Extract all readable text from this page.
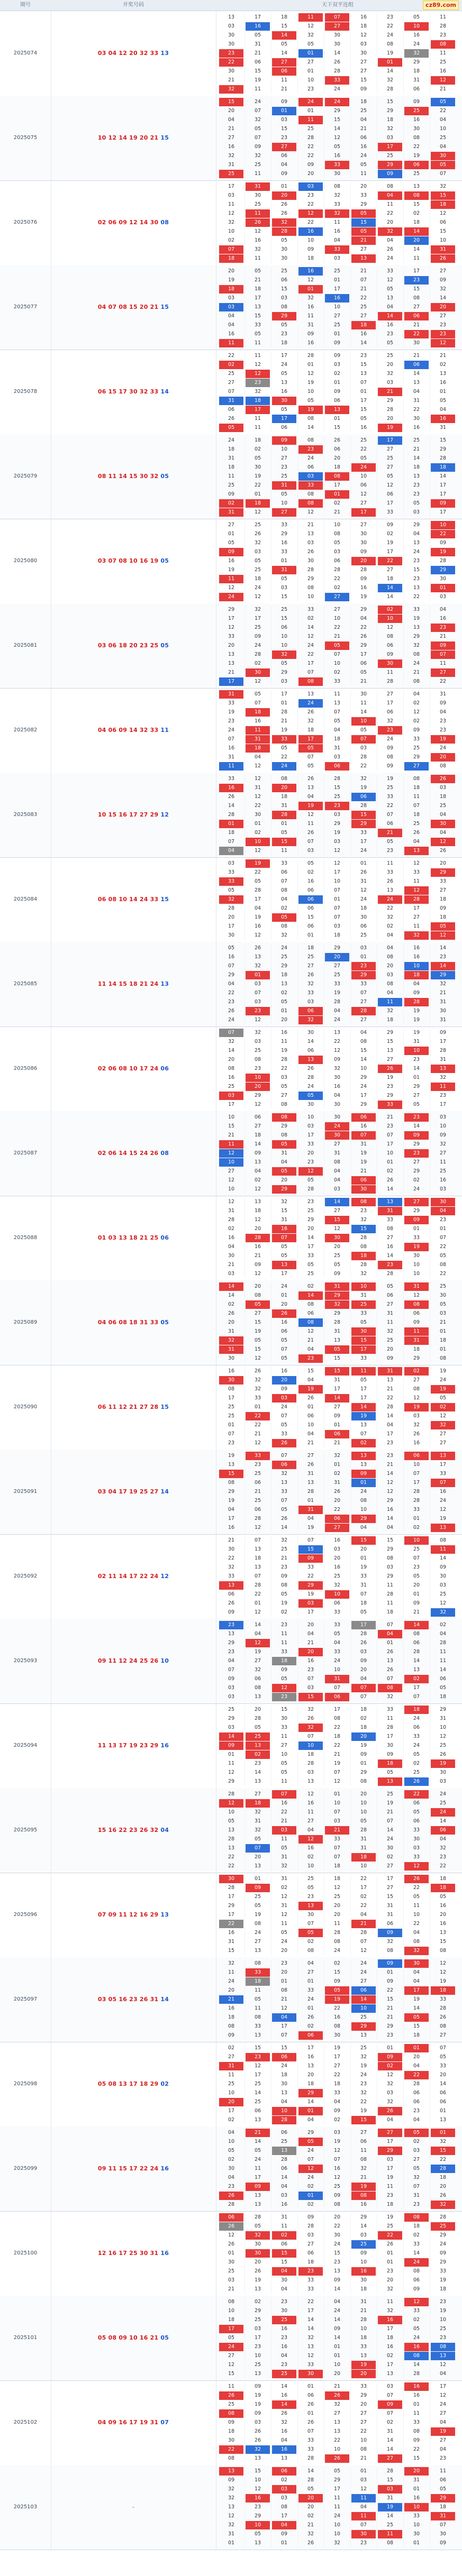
期号	开奖号码	天下双平连组	cz89.com
2025074	03 04 12 20 32 33 13
13	17	18	11	07	16	23	05	11
03	16	15	12	27	18	22	10	28
30	05	14	32	30	12	24	16	23
30	31	05	05	30	03	08	24	08
23	21	14	01	14	30	19	32	11
22	06	27	27	26	27	01	29	25
30	15	06	01	28	27	14	18	16
21	19	11	10	33	15	32	31	12
32	11	21	23	24	09	28	06	21
2025075	10 12 14 19 20 21 15
15	24	09	24	24	18	15	09	05
20	07	01	01	29	25	29	25	22
04	32	03	11	15	04	18	16	04
21	05	15	25	14	21	32	30	10
27	07	23	28	12	06	03	08	25
16	09	27	22	05	16	17	22	04
32	32	06	22	16	24	25	19	30
31	25	04	09	33	05	29	06	05
25	11	09	20	30	11	09	25	07
2025076	02 06 09 12 14 30 08
17	31	01	03	08	20	08	13	32
03	30	20	23	32	33	04	08	15
11	25	26	22	33	29	11	15	18
12	11	26	12	32	05	22	02	12
32	26	32	22	11	15	20	18	06
10	12	28	16	16	05	32	14	15
02	16	05	10	04	21	04	20	10
07	32	30	09	33	27	26	14	31
18	11	30	18	03	13	24	11	26
2025077	04 07 08 15 20 21 15
20	05	25	16	25	21	33	17	27
19	21	06	12	01	07	12	23	09
18	18	15	01	17	21	05	15	32
03	17	03	32	16	22	13	08	14
03	13	08	16	10	25	04	27	20
04	15	29	11	27	27	14	06	27
04	33	05	31	25	18	16	21	23
16	05	23	09	01	16	23	22	23
11	11	18	16	09	14	05	30	12
2025078	06 15 17 30 32 33 14
22	11	17	28	09	23	25	21	21
02	12	24	01	03	15	20	06	02
25	12	05	12	02	13	32	14	13
27	23	13	19	01	07	03	13	16
07	32	16	10	09	01	21	04	01
31	18	30	05	06	17	29	31	05
06	17	05	19	13	15	28	22	04
26	11	17	08	01	05	20	30	16
05	11	06	14	15	16	19	16	31
2025079	08 11 14 15 30 32 05
24	18	09	08	26	25	17	25	15
18	02	10	23	06	22	27	21	29
31	05	27	24	20	05	25	14	28
18	30	23	06	18	24	27	18	18
11	19	25	03	08	10	05	13	14
25	22	31	33	17	06	12	23	17
09	01	05	08	01	12	06	23	17
02	18	10	08	02	27	17	05	09
31	12	27	12	21	17	33	03	17
2025080	03 07 08 10 16 19 05
27	25	33	21	10	27	09	29	10
01	26	29	13	08	30	02	04	22
05	32	16	03	05	30	19	13	09
09	03	33	26	03	09	17	24	19
16	05	01	30	06	20	22	23	28
19	25	31	28	28	28	27	15	29
11	18	05	29	22	09	18	23	30
12	24	03	08	02	16	14	13	01
24	12	15	10	27	19	14	22	03
2025081	03 06 18 20 23 25 05
29	32	25	33	27	29	02	33	04
17	17	15	02	10	04	10	19	16
12	25	06	14	22	22	12	13	23
33	09	10	12	21	26	08	29	21
20	24	10	24	05	29	06	32	09
13	28	32	22	07	17	09	08	07
13	02	05	17	10	06	30	24	11
21	30	29	07	02	05	11	21	27
17	12	03	08	33	21	28	08	22
2025082	04 06 09 14 32 33 11
31	05	17	13	11	30	27	04	31
33	07	01	24	13	11	17	02	09
19	18	28	26	07	14	06	12	04
23	16	21	32	05	10	32	02	23
24	11	19	18	04	05	23	09	23
07	31	33	17	18	07	24	33	19
16	18	05	05	31	03	09	25	24
31	04	22	07	03	28	08	29	20
11	12	24	05	06	22	09	27	08
2025083	10 15 16 17 27 29 12
33	12	08	26	28	32	19	08	26
16	31	20	13	15	19	25	18	03
26	12	18	04	25	06	33	11	18
14	22	31	19	23	28	22	07	25
28	30	28	12	03	15	07	18	04
01	01	01	11	29	29	06	25	30
18	02	05	26	19	33	21	26	04
07	10	15	07	03	17	05	04	12
04	12	11	03	12	24	23	13	26
2025084	06 08 10 14 24 33 15
03	19	33	05	12	01	11	12	20
33	22	06	02	17	26	33	33	29
33	05	07	16	10	31	26	11	33
05	28	08	06	07	12	13	12	27
32	17	04	06	01	24	24	28	18
28	04	02	06	07	18	22	17	09
20	19	05	15	07	30	32	27	18
17	16	08	06	03	06	02	11	05
30	12	32	01	18	25	04	32	12
2025085	11 14 15 18 21 24 13
05	26	24	18	29	03	04	16	14
16	13	25	25	20	01	08	16	23
07	32	29	27	27	23	20	10	14
29	01	18	26	25	29	03	18	29
04	03	13	32	33	33	08	04	32
22	07	02	33	19	07	04	09	21
23	03	05	03	28	27	11	28	31
26	23	01	06	04	28	32	19	30
24	12	20	32	24	27	18	19	31
2025086	02 06 08 10 17 24 06
07	32	16	30	13	04	29	19	09
32	03	11	14	22	08	15	31	17
14	25	19	06	12	15	13	10	28
20	08	28	13	09	14	27	23	31
08	23	22	26	32	10	26	14	13
16	10	03	28	30	29	19	01	32
25	20	05	24	16	24	23	29	11
03	29	27	05	04	17	29	27	23
17	12	08	30	30	29	33	05	17
2025087	02 06 14 15 24 26 08
10	06	08	10	30	06	21	23	03
15	27	29	03	24	16	23	14	10
21	18	08	17	30	07	07	09	09
11	14	05	33	27	31	17	29	32
12	09	31	20	31	19	10	23	27
10	13	04	23	08	19	01	27	11
27	04	05	12	04	21	02	29	25
12	02	20	05	04	06	26	02	16
10	12	29	28	03	30	14	24	03
2025088	01 03 13 18 21 25 06
12	13	32	23	14	08	13	27	30
31	18	15	25	27	23	31	29	04
28	12	31	29	15	32	33	09	23
02	20	16	20	12	15	08	01	01
16	28	07	14	30	28	27	33	07
04	16	05	17	20	08	16	19	22
30	21	05	33	25	18	14	30	05
21	09	13	05	05	28	23	10	08
03	12	17	25	09	32	28	10	22
2025089	04 06 08 18 31 33 05
14	20	24	02	31	10	05	31	25
14	08	01	14	29	31	06	12	30
02	05	20	08	32	25	27	08	05
26	27	26	06	29	33	31	06	03
20	15	16	08	28	05	11	09	21
31	19	06	12	31	30	32	11	01
32	05	05	21	13	15	25	31	18
31	15	07	04	05	17	20	18	01
30	12	05	23	15	33	09	29	08
2025090	06 11 12 21 27 28 15
16	26	16	15	15	11	31	02	19
30	32	20	04	31	05	13	27	24
08	32	09	19	17	17	21	08	19
17	33	03	26	14	17	22	12	05
25	01	24	01	27	14	28	19	02
25	22	07	06	09	19	14	03	12
01	22	05	10	01	13	04	32	32
07	21	33	04	06	07	17	26	27
23	12	26	21	21	02	23	16	27
2025091	03 04 17 19 25 27 14
19	33	07	27	32	13	23	06	13
13	23	06	26	01	13	21	10	17
15	25	32	31	02	09	14	07	33
08	06	13	13	31	01	12	17	07
29	21	33	28	26	24	12	28	16
19	25	07	01	20	08	29	28	24
04	06	05	31	22	10	16	33	12
17	28	26	04	06	29	14	01	19
16	12	14	19	27	04	04	02	13
2025092	02 11 14 17 22 24 12
21	07	32	07	16	15	15	10	08
30	13	25	15	03	20	29	25	11
22	18	21	09	20	01	08	07	14
32	13	23	33	16	19	03	23	09
33	07	09	22	25	33	29	05	30
13	28	08	29	32	31	11	20	03
06	22	05	19	10	07	28	01	25
26	01	19	03	06	18	11	09	12
09	12	02	17	33	05	18	21	32
2025093	09 11 12 24 25 26 10
23	14	23	20	33	17	07	14	02
13	04	11	04	05	28	04	08	04
29	12	11	21	04	26	01	06	28
23	19	33	20	33	03	26	28	11
04	27	18	16	24	09	13	14	11
07	32	09	23	10	20	26	13	14
09	06	05	07	31	04	07	02	06
03	08	12	03	07	07	08	17	05
03	13	23	15	06	07	32	07	18
2025094	11 13 17 19 23 29 16
25	20	15	32	17	18	33	18	29
29	28	30	26	08	02	11	24	31
03	05	33	32	22	18	28	06	10
14	25	11	07	18	20	17	33	12
09	13	27	10	22	19	30	24	25
01	02	10	18	21	09	09	05	26
11	23	05	28	19	01	18	02	19
12	14	05	03	07	29	05	25	30
29	13	11	13	12	08	13	26	03
2025095	15 16 22 23 26 32 04
28	27	07	12	01	20	25	22	24
12	18	16	16	10	10	19	06	25
10	32	22	11	07	10	21	05	24
05	31	21	27	03	05	07	06	14
13	32	03	04	21	28	14	33	06
28	05	11	12	33	31	24	30	04
13	07	05	16	07	31	30	03	32
22	20	31	02	07	18	02	33	23
22	13	32	10	18	10	27	12	22
2025096	07 09 11 12 16 29 13
30	01	31	25	18	22	17	26	18
28	09	02	05	12	17	27	22	18
17	25	12	23	25	02	15	05	05
29	05	31	13	20	22	31	11	16
17	19	12	30	20	04	31	10	20
22	08	11	07	11	21	06	22	16
16	24	05	05	28	28	09	04	13
31	27	24	02	08	07	32	08	15
15	13	20	08	24	12	08	32	08
2025097	03 05 16 23 26 31 14
32	08	23	04	02	24	09	30	12
11	33	20	27	15	24	01	04	12
24	18	01	01	09	27	09	04	19
20	11	08	33	05	06	22	17	18
21	05	21	24	19	14	15	19	33
16	11	12	01	22	10	21	14	28
18	08	04	26	16	25	21	05	26
08	33	17	02	08	29	29	15	08
09	13	07	06	30	13	23	18	27
2025098	05 08 13 17 18 29 02
02	15	15	17	19	25	01	01	07
27	23	06	16	17	32	09	20	05
31	12	24	13	27	19	02	04	33
11	17	18	20	22	24	12	22	20
25	25	30	18	18	23	32	28	14
10	14	13	29	33	32	03	06	06
20	25	04	14	04	22	32	06	06
17	06	10	01	09	19	26	23	01
02	13	28	04	02	15	04	04	13
2025099	09 11 15 17 22 24 16
04	21	06	29	03	27	27	05	01
10	14	25	05	19	06	17	02	32
05	05	13	24	12	11	29	03	15
02	24	28	07	07	08	03	27	22
30	11	06	12	16	32	17	05	28
04	17	14	24	12	21	19	32	18
23	09	04	02	25	19	11	07	20
26	13	03	01	09	08	23	31	26
28	13	16	02	08	16	18	23	32
2025100	12 16 17 25 30 31 16
06	28	31	09	20	29	19	08	28
26	05	11	28	22	14	25	18	25
12	32	02	03	30	03	22	02	29
26	30	06	27	24	25	26	33	24
01	30	15	06	15	09	01	14	09
30	20	15	18	23	10	01	24	29
25	26	04	23	13	16	23	08	33
03	19	30	33	09	30	20	06	19
21	13	04	33	14	18	32	09	18
2025101	05 08 09 10 16 21 05
08	02	23	22	04	31	11	12	23
10	29	30	17	24	21	32	33	19
18	25	25	14	14	28	16	02	10
17	03	16	14	09	10	17	05	25
05	17	23	32	14	18	18	24	23
24	23	16	13	01	33	16	16	08
27	10	04	12	01	13	02	08	13
12	25	23	33	10	19	17	14	12
15	13	25	30	20	20	13	28	04
2025102	04 09 16 17 19 31 07
11	09	14	01	21	33	03	16	17
26	19	16	06	26	29	07	16	12
25	19	14	26	32	20	09	01	24
08	09	26	01	27	27	07	11	27
09	03	32	26	13	27	02	33	04
18	26	16	07	13	22	31	08	19
30	26	04	33	22	10	14	09	27
22	32	16	33	10	08	14	22	04
08	13	13	28	26	21	27	15	23
2025103	-
13	15	06	14	05	01	28	20	11
09	10	02	28	29	03	15	31	06
32	12	03	05	17	12	03	01	05
32	16	03	20	11	11	31	16	29
13	23	08	20	11	04	19	10	18
12	29	17	02	24	11	14	33	31
32	10	04	21	10	07	25	10	07
31	05	09	32	10	30	11	30	30
01	13	01	26	32	23	08	01	09
